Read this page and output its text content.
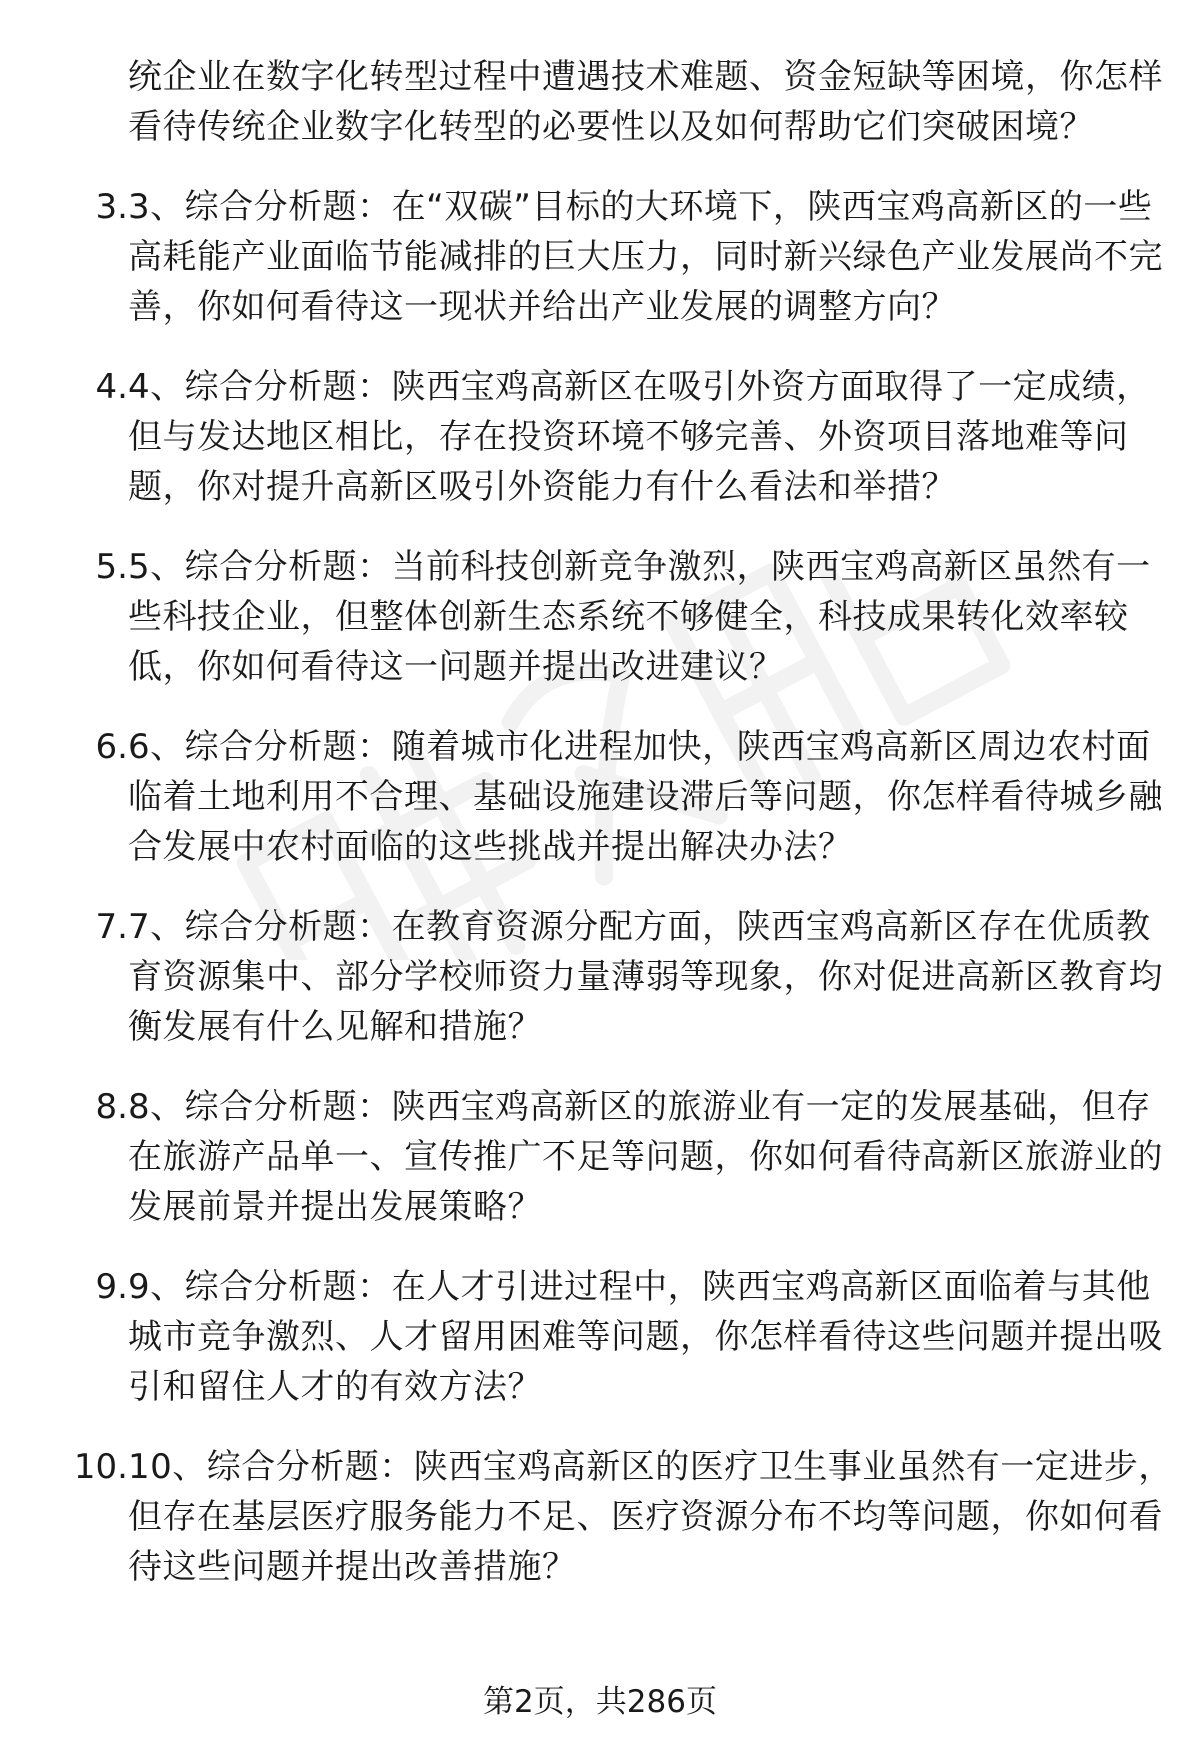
统企业在数字化转型过程中遭遇技术难题、资金短缺等困境，你怎样看待传统企业数字化转型的必要性以及如何帮助它们突破困境？
3. 3、综合分析题：在“双碳”目标的大环境下，陕西宝鸡高新区的一些高耗能产业面临节能减排的巨大压力，同时新兴绿色产业发展尚不完善，你如何看待这一现状并给出产业发展的调整方向？
4. 4、综合分析题：陕西宝鸡高新区在吸引外资方面取得了一定成绩，但与发达地区相比，存在投资环境不够完善、外资项目落地难等问题，你对提升高新区吸引外资能力有什么看法和举措？
5. 5、综合分析题：当前科技创新竞争激烈，陕西宝鸡高新区虽然有一些科技企业，但整体创新生态系统不够健全，科技成果转化效率较低，你如何看待这一问题并提出改进建议？
6. 6、综合分析题：随着城市化进程加快，陕西宝鸡高新区周边农村面临着土地利用不合理、基础设施建设滞后等问题，你怎样看待城乡融合发展中农村面临的这些挑战并提出解决办法？
7. 7、综合分析题：在教育资源分配方面，陕西宝鸡高新区存在优质教育资源集中、部分学校师资力量薄弱等现象，你对促进高新区教育均衡发展有什么见解和措施？
8. 8、综合分析题：陕西宝鸡高新区的旅游业有一定的发展基础，但存在旅游产品单一、宣传推广不足等问题，你如何看待高新区旅游业的发展前景并提出发展策略？
9. 9、综合分析题：在人才引进过程中，陕西宝鸡高新区面临着与其他城市竞争激烈、人才留用困难等问题，你怎样看待这些问题并提出吸引和留住人才的有效方法？
10. 10、综合分析题：陕西宝鸡高新区的医疗卫生事业虽然有一定进步，但存在基层医疗服务能力不足、医疗资源分布不均等问题，你如何看待这些问题并提出改善措施？
第2页，共286页
